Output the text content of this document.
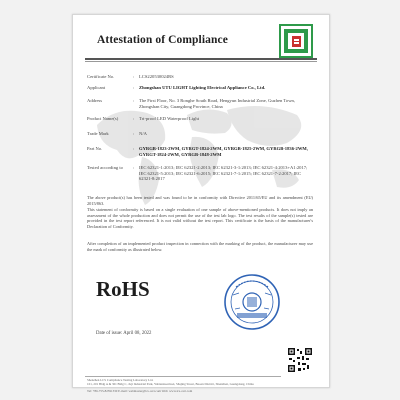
Attestation of Compliance
Certificate No.	: LCS220530024RS
Applicant	: Zhongshan UTU LIGHT Lighting Electrical Appliance Co., Ltd.
Address	: The First Floor, No. 3 Ronghe South Road, Hengyun Industrial Zone, Guzhen Town, Zhongshan City, Guangdong Province, China
Product Name(s)	: Tri-proof LED Waterproof Light
Trade Mark	: N/A
Part No.	: GYRGB-1823-2WM, GYRGT-1824-2WM, GYRGB-1825-2WM, GYRGB-1836-2WM, GYRGT-1824-2WM, GYRGB-1848-2WM
Tested according to	: IEC 62321-1:2013; IEC 62321-2:2013; IEC 62321-3-1:2013; IEC 62321-4:2013+A1:2017; IEC 62321-5:2013; IEC 62321-6:2015; IEC 62321-7-1:2015; IEC 62321-7-2:2017; IEC 62321-8:2017
The above product(s) has been tested and was found to be in conformity with Directive 2011/65/EU and its amendment (EU) 2015/863.
This statement of conformity is based on a single evaluation of one sample of above-mentioned products. It does not imply an assessment of the whole production and does not permit the use of the test lab logo. The test results of the sample(s) tested are provided in the test report referenced. It is not valid without the test report. This certificate is the basis of the manufacturer's Declaration of Conformity.
After completion of an implemented product inspection in connection with the marking of the product, the manufacturer may use the mark of conformity as illustrated below.
RoHS
Date of issue: April 08, 2022
Shenzhen LCS Compliance Testing Laboratory Ltd.
101, 201 Bldg A & 301 Bldg C, Juji Industrial Park, Yabianxueziwei, Shajing Street, Baoan District, Shenzhen, Guangdong, China
Tel: +86-755-82591330 E-mail: webmaster@lcs-cert.com Web: www.lcs-cert.com
